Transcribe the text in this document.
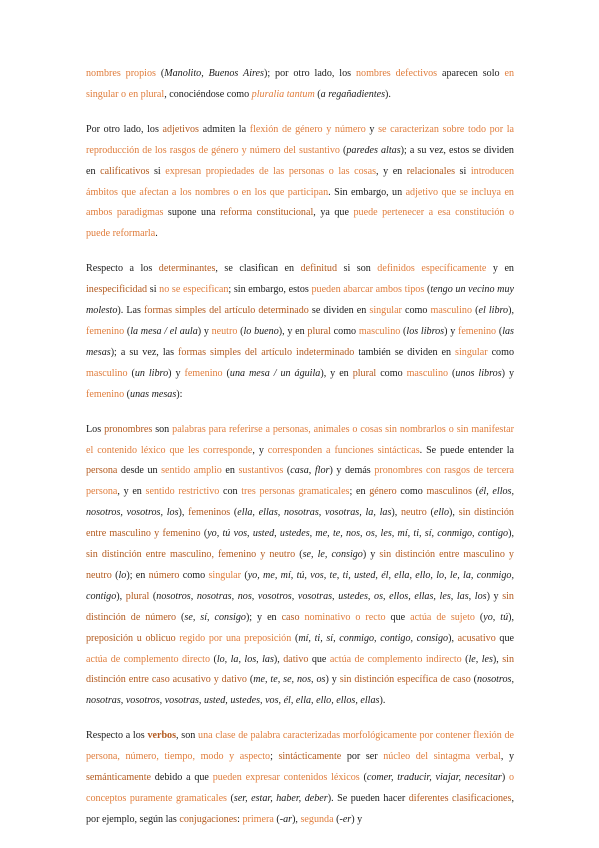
nombres propios (Manolito, Buenos Aires); por otro lado, los nombres defectivos aparecen solo en singular o en plural, conociéndose como pluralia tantum (a regañadientes).

Por otro lado, los adjetivos admiten la flexión de género y número y se caracterizan sobre todo por la reproducción de los rasgos de género y número del sustantivo (paredes altas); a su vez, estos se dividen en calificativos si expresan propiedades de las personas o las cosas, y en relacionales si introducen ámbitos que afectan a los nombres o en los que participan. Sin embargo, un adjetivo que se incluya en ambos paradigmas supone una reforma constitucional, ya que puede pertenecer a esa constitución o puede reformarla.

Respecto a los determinantes, se clasifican en definitud si son definidos específicamente y en inespecificidad si no se especifican; sin embargo, estos pueden abarcar ambos tipos (tengo un vecino muy molesto). Las formas simples del artículo determinado se dividen en singular como masculino (el libro), femenino (la mesa / el aula) y neutro (lo bueno), y en plural como masculino (los libros) y femenino (las mesas); a su vez, las formas simples del artículo indeterminado también se dividen en singular como masculino (un libro) y femenino (una mesa / un águila), y en plural como masculino (unos libros) y femenino (unas mesas):

Los pronombres son palabras para referirse a personas, animales o cosas sin nombrarlos o sin manifestar el contenido léxico que les corresponde, y corresponden a funciones sintácticas. Se puede entender la persona desde un sentido amplio en sustantivos (casa, flor) y demás pronombres con rasgos de tercera persona, y en sentido restrictivo con tres personas gramaticales; en género como masculinos (él, ellos, nosotros, vosotros, los), femeninos (ella, ellas, nosotras, vosotras, la, las), neutro (ello), sin distinción entre masculino y femenino (yo, tú vos, usted, ustedes, me, te, nos, os, les, mí, ti, sí, conmigo, contigo), sin distinción entre masculino, femenino y neutro (se, le, consigo) y sin distinción entre masculino y neutro (lo); en número como singular (yo, me, mí, tú, vos, te, ti, usted, él, ella, ello, lo, le, la, conmigo, contigo), plural (nosotros, nosotras, nos, vosotros, vosotras, ustedes, os, ellos, ellas, les, las, los) y sin distinción de número (se, sí, consigo); y en caso nominativo o recto que actúa de sujeto (yo, tú), preposición u oblicuo regido por una preposición (mí, ti, sí, conmigo, contigo, consigo), acusativo que actúa de complemento directo (lo, la, los, las), dativo que actúa de complemento indirecto (le, les), sin distinción entre caso acusativo y dativo (me, te, se, nos, os) y sin distinción específica de caso (nosotros, nosotras, vosotros, vosotras, usted, ustedes, vos, él, ella, ello, ellos, ellas).

Respecto a los verbos, son una clase de palabra caracterizadas morfológicamente por contener flexión de persona, número, tiempo, modo y aspecto; sintácticamente por ser núcleo del sintagma verbal, y semánticamente debido a que pueden expresar contenidos léxicos (comer, traducir, viajar, necesitar) o conceptos puramente gramaticales (ser, estar, haber, deber). Se pueden hacer diferentes clasificaciones, por ejemplo, según las conjugaciones: primera (-ar), segunda (-er) y
